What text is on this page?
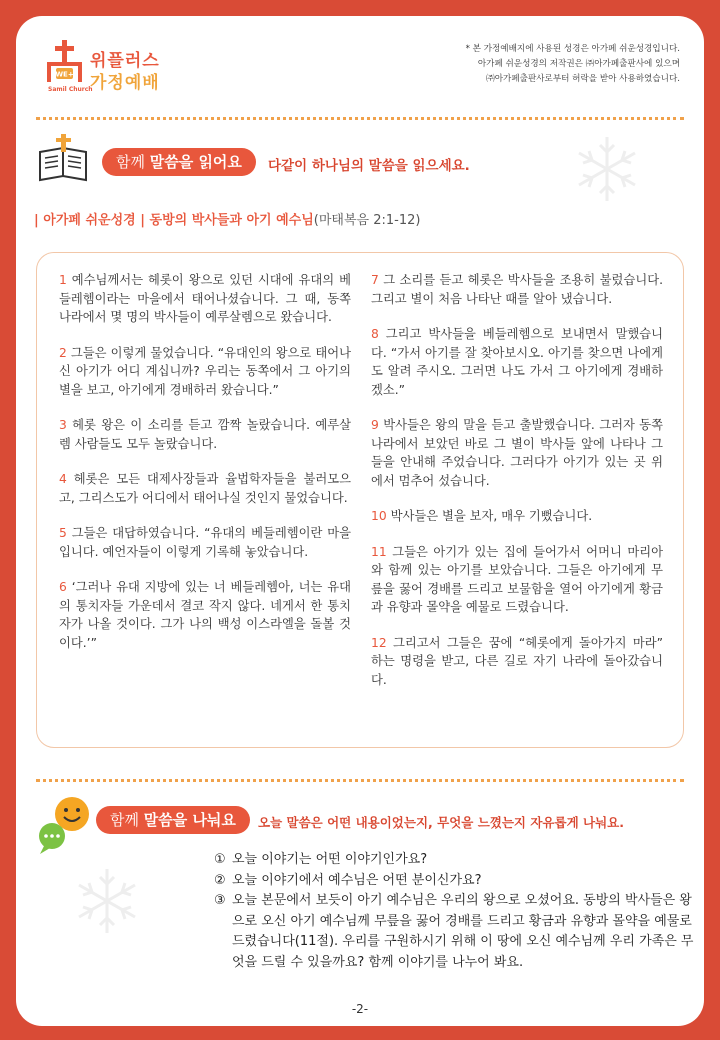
WE+
위플러스
가정예배
Samil Church
* 본 가정예배지에 사용된 성경은 아가페 쉬운성경입니다.
아가페 쉬운성경의 저작권은 ㈜아가페출판사에 있으며
㈜아가페출판사로부터 허락을 받아 사용하였습니다.
함께 말씀을 읽어요	다같이 하나님의 말씀을 읽으세요.
| 아가페 쉬운성경 | 동방의 박사들과 아기 예수님(마태복음 2:1-12)

1 예수님께서는 헤롯이 왕으로 있던 시대에 유대의 베들레헴이라는 마을에서 태어나셨습니다. 그 때, 동쪽 나라에서 몇 명의 박사들이 예루살렘으로 왔습니다.

2 그들은 이렇게 물었습니다. “유대인의 왕으로 태어나신 아기가 어디 계십니까? 우리는 동쪽에서 그 아기의 별을 보고, 아기에게 경배하러 왔습니다.”

3 헤롯 왕은 이 소리를 듣고 깜짝 놀랐습니다. 예루살렘 사람들도 모두 놀랐습니다.

4 헤롯은 모든 대제사장들과 율법학자들을 불러모으고, 그리스도가 어디에서 태어나실 것인지 물었습니다.

5 그들은 대답하였습니다. “유대의 베들레헴이란 마을입니다. 예언자들이 이렇게 기록해 놓았습니다.

6 ‘그러나 유대 지방에 있는 너 베들레헴아, 너는 유대의 통치자들 가운데서 결코 작지 않다. 네게서 한 통치자가 나올 것이다. 그가 나의 백성 이스라엘을 돌볼 것이다.’”

7 그 소리를 듣고 헤롯은 박사들을 조용히 불렀습니다. 그리고 별이 처음 나타난 때를 알아 냈습니다.

8 그리고 박사들을 베들레헴으로 보내면서 말했습니다. “가서 아기를 잘 찾아보시오. 아기를 찾으면 나에게도 알려 주시오. 그러면 나도 가서 그 아기에게 경배하겠소.”

9 박사들은 왕의 말을 듣고 출발했습니다. 그러자 동쪽 나라에서 보았던 바로 그 별이 박사들 앞에 나타나 그들을 안내해 주었습니다. 그러다가 아기가 있는 곳 위에서 멈추어 섰습니다.

10 박사들은 별을 보자, 매우 기뻤습니다.

11 그들은 아기가 있는 집에 들어가서 어머니 마리아와 함께 있는 아기를 보았습니다. 그들은 아기에게 무릎을 꿇어 경배를 드리고 보물함을 열어 아기에게 황금과 유향과 몰약을 예물로 드렸습니다.

12 그리고서 그들은 꿈에 “헤롯에게 돌아가지 마라” 하는 명령을 받고, 다른 길로 자기 나라에 돌아갔습니다.

함께 말씀을 나눠요	오늘 말씀은 어떤 내용이었는지, 무엇을 느꼈는지 자유롭게 나눠요.
① 오늘 이야기는 어떤 이야기인가요?
② 오늘 이야기에서 예수님은 어떤 분이신가요?
③ 오늘 본문에서 보듯이 아기 예수님은 우리의 왕으로 오셨어요. 동방의 박사들은 왕으로 오신 아기 예수님께 무릎을 꿇어 경배를 드리고 황금과 유향과 몰약을 예물로 드렸습니다(11절). 우리를 구원하시기 위해 이 땅에 오신 예수님께 우리 가족은 무엇을 드릴 수 있을까요? 함께 이야기를 나누어 봐요.
-2-
